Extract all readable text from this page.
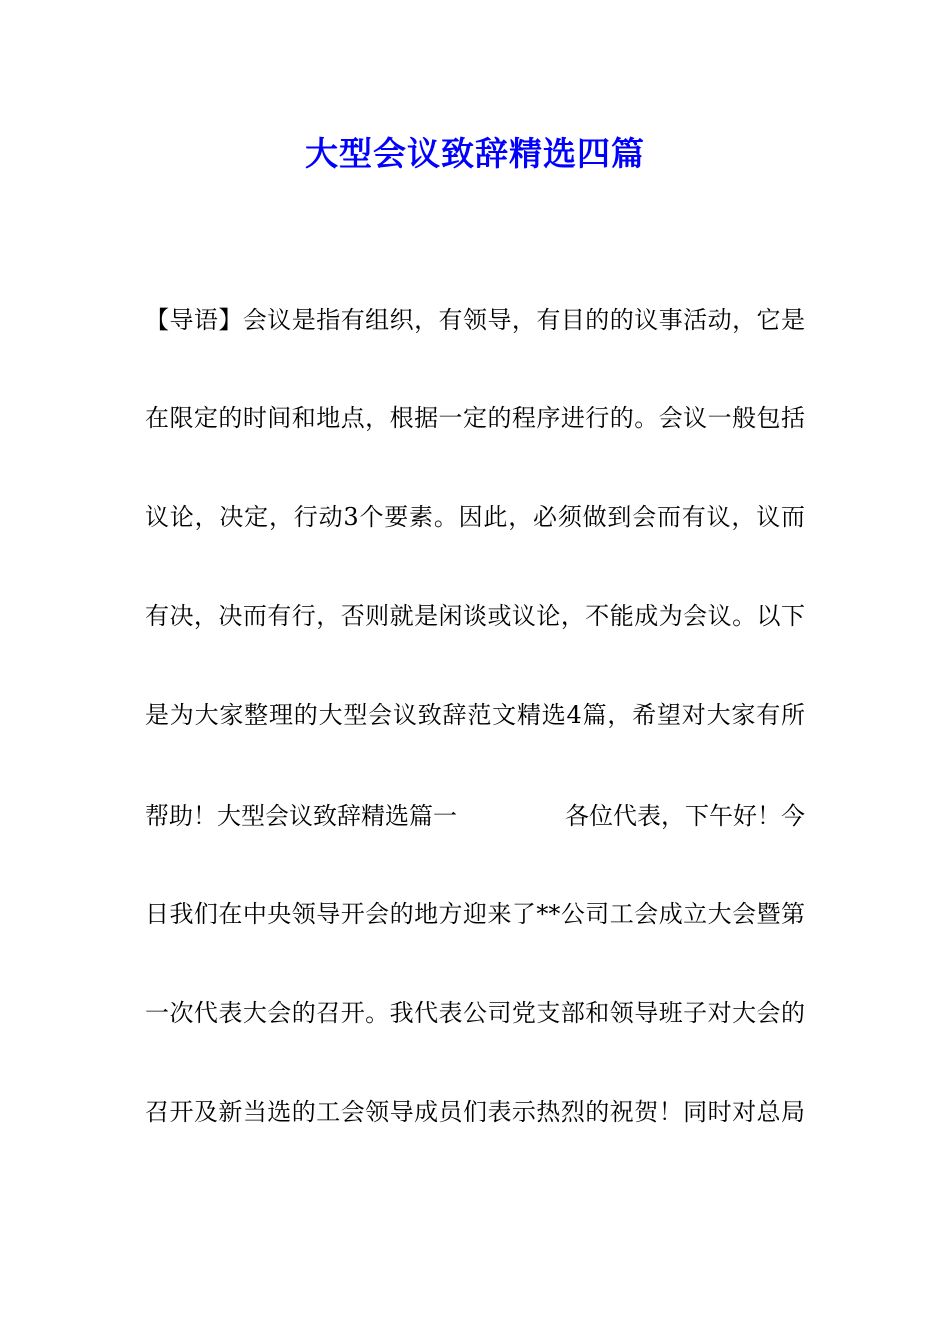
大型会议致辞精选四篇
【导语】会议是指有组织，有领导，有目的的议事活动，它是
在限定的时间和地点，根据一定的程序进行的。会议一般包括
议论，决定，行动3个要素。因此，必须做到会而有议，议而
有决，决而有行，否则就是闲谈或议论，不能成为会议。以下
是为大家整理的大型会议致辞范文精选4篇，希望对大家有所
帮助！大型会议致辞精选篇一	各位代表，下午好！今
日我们在中央领导开会的地方迎来了**公司工会成立大会暨第
一次代表大会的召开。我代表公司党支部和领导班子对大会的
召开及新当选的工会领导成员们表示热烈的祝贺！同时对总局
